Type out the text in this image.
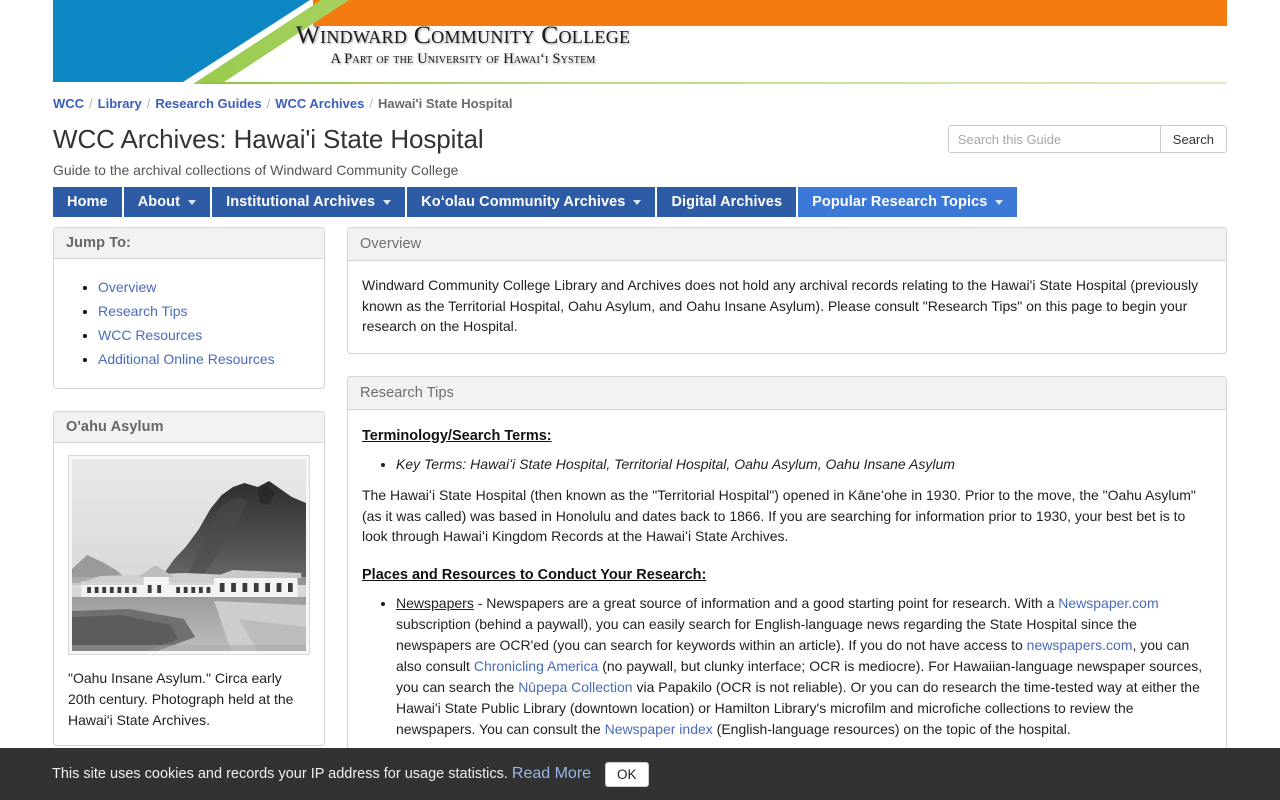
Windward Community College
A Part of the University of Hawaiʻi System
WCC / Library / Research Guides / WCC Archives / Hawai'i State Hospital
WCC Archives: Hawai'i State Hospital
Guide to the archival collections of Windward Community College
Search this Guide
Search
Home About	Institutional Archives	Koʻolau Community Archives	Digital Archives Popular Research Topics
Jump To:
• Overview
• Research Tips
• WCC Resources
• Additional Online Resources
O'ahu Asylum
"Oahu Insane Asylum." Circa early 20th century. Photograph held at the Hawai'i State Archives.
Overview
Windward Community College Library and Archives does not hold any archival records relating to the Hawai'i State Hospital (previously known as the Territorial Hospital, Oahu Asylum, and Oahu Insane Asylum). Please consult "Research Tips" on this page to begin your research on the Hospital.
Research Tips
Terminology/Search Terms:
• Key Terms: Hawaiʻi State Hospital, Territorial Hospital, Oahu Asylum, Oahu Insane Asylum

The Hawaiʻi State Hospital (then known as the "Territorial Hospital") opened in Kāneʻohe in 1930. Prior to the move, the "Oahu Asylum" (as it was called) was based in Honolulu and dates back to 1866. If you are searching for information prior to 1930, your best bet is to look through Hawaiʻi Kingdom Records at the Hawaiʻi State Archives.

Places and Resources to Conduct Your Research:
• Newspapers - Newspapers are a great source of information and a good starting point for research. With a Newspaper.com subscription (behind a paywall), you can easily search for English-language news regarding the State Hospital since the newspapers are OCR'ed (you can search for keywords within an article). If you do not have access to newspapers.com, you can also consult Chronicling America (no paywall, but clunky interface; OCR is mediocre). For Hawaiian-language newspaper sources, you can search the Nūpepa Collection via Papakilo (OCR is not reliable). Or you can do research the time-tested way at either the Hawai'i State Public Library (downtown location) or Hamilton Library's microfilm and microfiche collections to review the newspapers. You can consult the Newspaper index (English-language resources) on the topic of the hospital.
This site uses cookies and records your IP address for usage statistics. Read More	OK
